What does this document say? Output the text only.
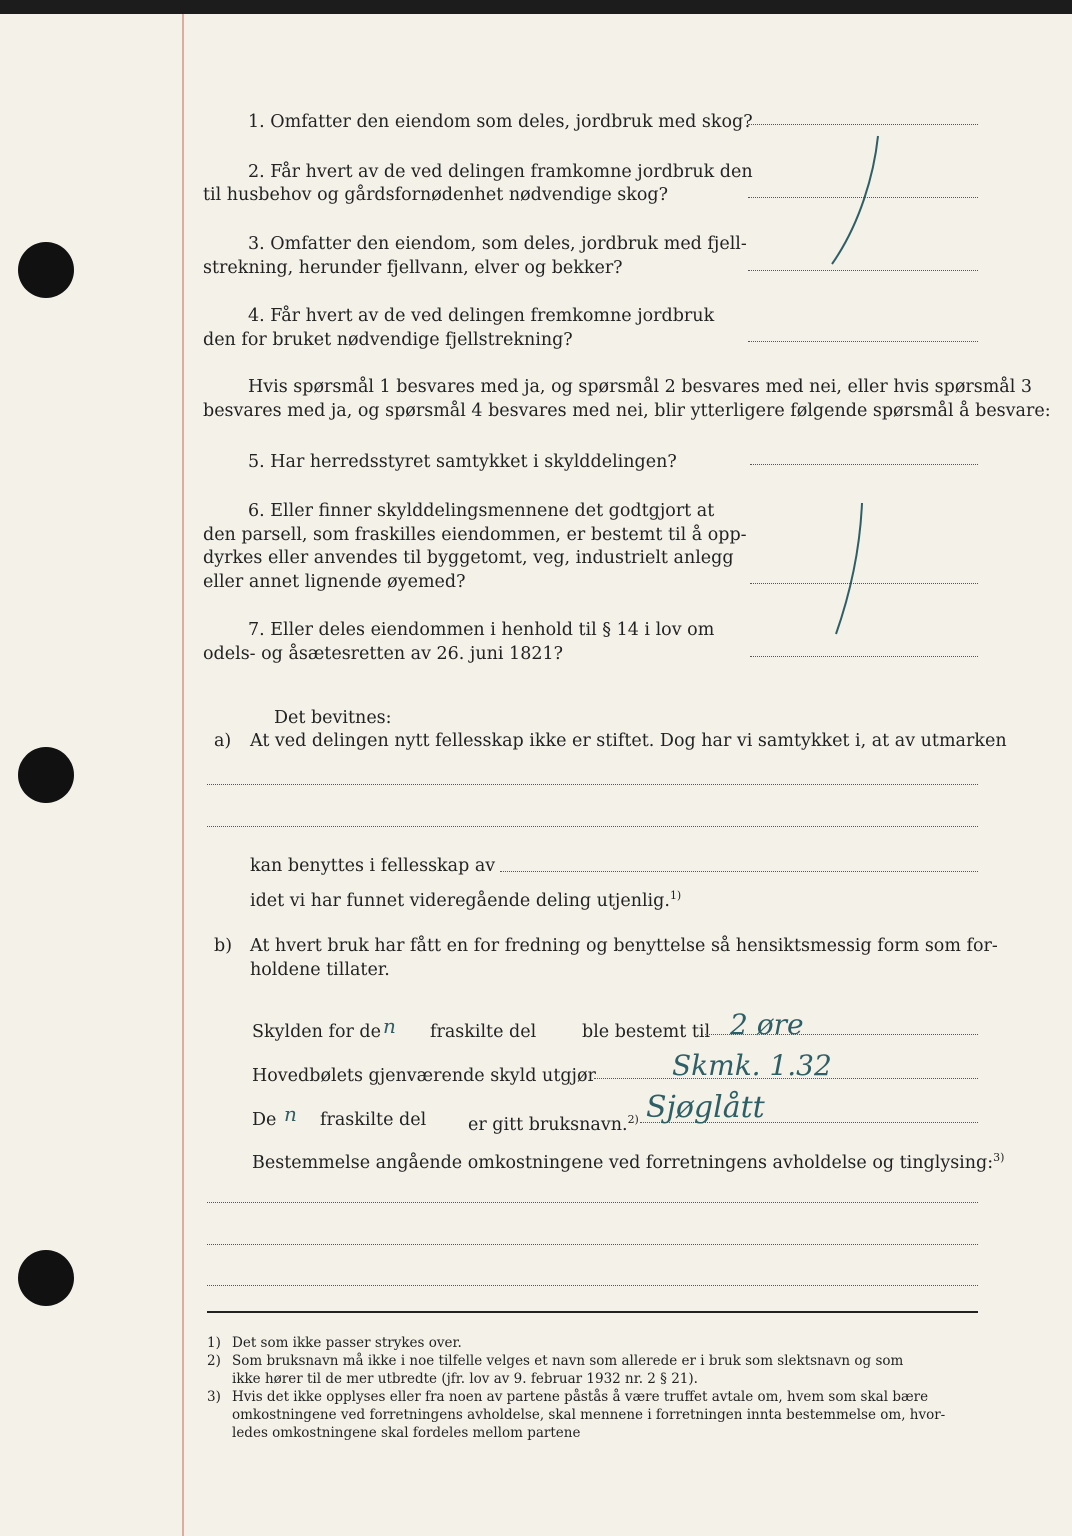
1. Omfatter den eiendom som deles, jordbruk med skog?
2. Får hvert av de ved delingen framkomne jordbruk den
til husbehov og gårdsfornødenhet nødvendige skog?
3. Omfatter den eiendom, som deles, jordbruk med fjell-
strekning, herunder fjellvann, elver og bekker?
4. Får hvert av de ved delingen fremkomne jordbruk
den for bruket nødvendige fjellstrekning?
Hvis spørsmål 1 besvares med ja, og spørsmål 2 besvares med nei, eller hvis spørsmål 3
besvares med ja, og spørsmål 4 besvares med nei, blir ytterligere følgende spørsmål å besvare:
5. Har herredsstyret samtykket i skylddelingen?
6. Eller finner skylddelingsmennene det godtgjort at
den parsell, som fraskilles eiendommen, er bestemt til å opp-
dyrkes eller anvendes til byggetomt, veg, industrielt anlegg
eller annet lignende øyemed?
7. Eller deles eiendommen i henhold til § 14 i lov om
odels- og åsætesretten av 26. juni 1821?
Det bevitnes:
a) At ved delingen nytt fellesskap ikke er stiftet. Dog har vi samtykket i, at av utmarken
kan benyttes i fellesskap av
idet vi har funnet videregående deling utjenlig.$^{1)}$
b) At hvert bruk har fått en for fredning og benyttelse så hensiktsmessig form som for-
holdene tillater.
Skylden for de n fraskilte del	ble bestemt til 2 øre
Hovedbølets gjenværende skyld utgjør	Skmk. 1.32
De n fraskilte del er gitt bruksnavn.$^{2)}$ Sjøglått
Bestemmelse angående omkostningene ved forretningens avholdelse og tinglysing:$^{3)}$
1) Det som ikke passer strykes over.
2) Som bruksnavn må ikke i noe tilfelle velges et navn som allerede er i bruk som slektsnavn og som
ikke hører til de mer utbredte (jfr. lov av 9. februar 1932 nr. 2 § 21).
3) Hvis det ikke opplyses eller fra noen av partene påstås å være truffet avtale om, hvem som skal bære
omkostningene ved forretningens avholdelse, skal mennene i forretningen innta bestemmelse om, hvor-
ledes omkostningene skal fordeles mellom partene
